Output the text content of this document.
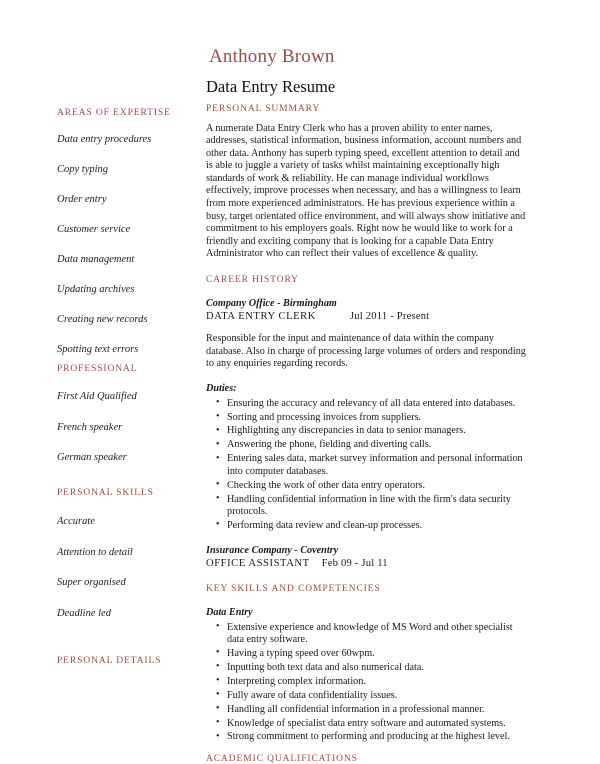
AREAS OF EXPERTISE
Data entry procedures
Copy typing
Order entry
Customer service
Data management
Updating archives
Creating new records
Spotting text errors
PROFESSIONAL
First Aid Qualified
French speaker
German speaker
PERSONAL SKILLS
Accurate
Attention to detail
Super organised
Deadline led
PERSONAL DETAILS
Anthony Brown
Data Entry Resume
PERSONAL SUMMARY

A numerate Data Entry Clerk who has a proven ability to enter names, addresses, statistical information, business information, account numbers and other data. Anthony has superb typing speed, excellent attention to detail and is able to juggle a variety of tasks whilst maintaining exceptionally high standards of work & reliability. He can manage individual workflows effectively, improve processes when necessary, and has a willingness to learn from more experienced administrators. He has previous experience within a busy, target orientated office environment, and will always show initiative and commitment to his employers goals. Right now he would like to work for a friendly and exciting company that is looking for a capable Data Entry Administrator who can reflect their values of excellence & quality.

CAREER HISTORY
Company Office - Birmingham
DATA ENTRY CLERK	Jul 2011 - Present

Responsible for the input and maintenance of data within the company database. Also in charge of processing large volumes of orders and responding to any enquiries regarding records.

Duties:
• Ensuring the accuracy and relevancy of all data entered into databases.
• Sorting and processing invoices from suppliers.
• Highlighting any discrepancies in data to senior managers.
• Answering the phone, fielding and diverting calls.
• Entering sales data, market survey information and personal information into computer databases.
• Checking the work of other data entry operators.
• Handling confidential information in line with the firm's data security protocols.
• Performing data review and clean-up processes.
Insurance Company - Coventry
OFFICE ASSISTANT Feb 09 - Jul 11
KEY SKILLS AND COMPETENCIES
Data Entry
• Extensive experience and knowledge of MS Word and other specialist data entry software.
• Having a typing speed over 60wpm.
• Inputting both text data and also numerical data.
• Interpreting complex information.
• Fully aware of data confidentiality issues.
• Handling all confidential information in a professional manner.
• Knowledge of specialist data entry software and automated systems.
• Strong commitment to performing and producing at the highest level.
ACADEMIC QUALIFICATIONS
